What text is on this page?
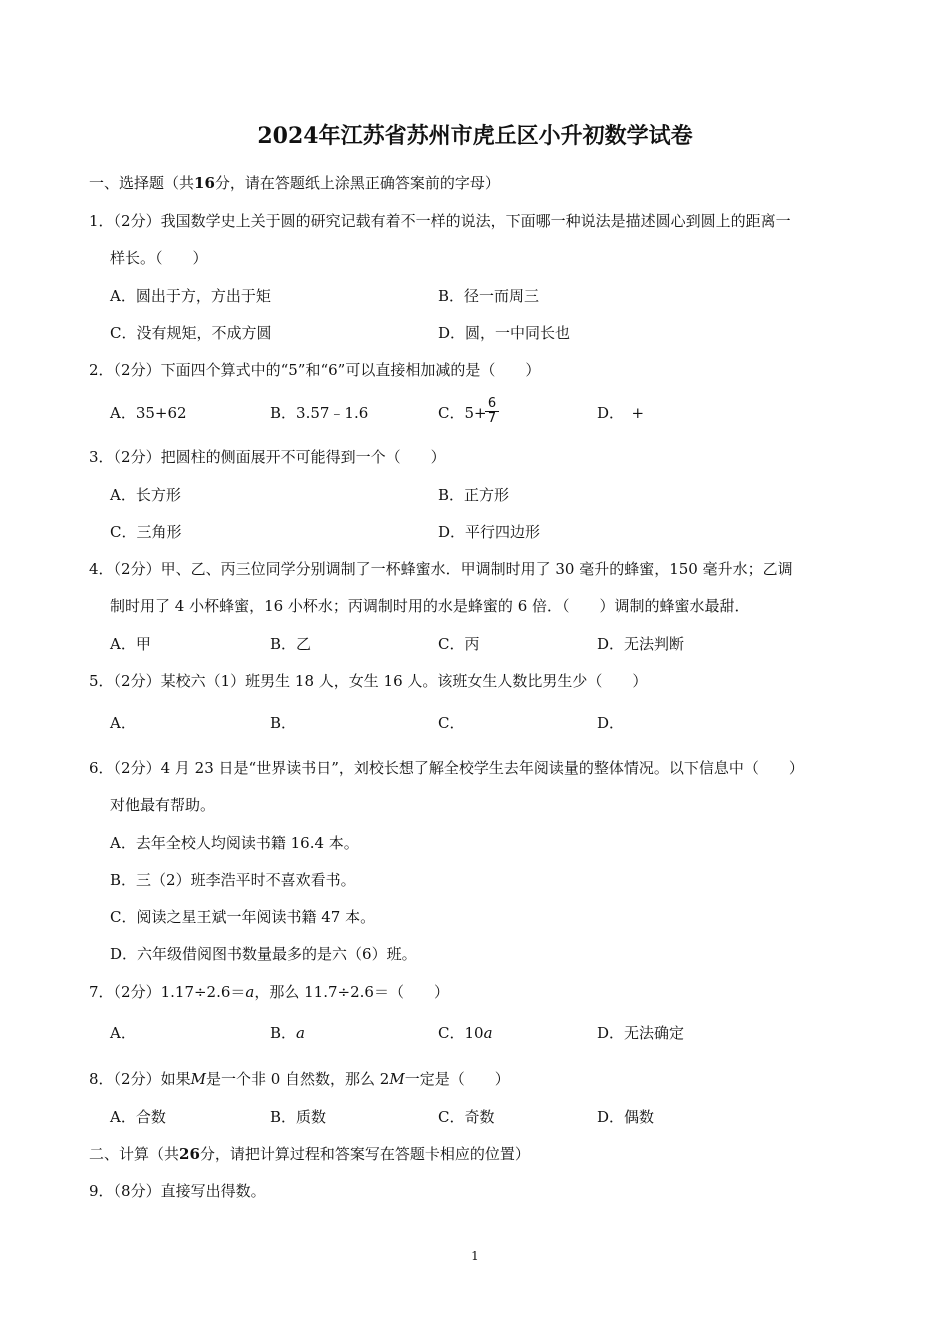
2024年江苏省苏州市虎丘区小升初数学试卷
一、选择题（共16分，请在答题纸上涂黑正确答案前的字母）
1．（2分）我国数学史上关于圆的研究记载有着不一样的说法，下面哪一种说法是描述圆心到圆上的距离一
样长。（　　）
A．圆出于方，方出于矩	B．径一而周三
C．没有规矩，不成方圆	D．圆，一中同长也
2．（2分）下面四个算式中的“5”和“6”可以直接相加减的是（　　）
A．35+62	B．3.57﹣1.6	C．5+
$\frac{6}{7}$	D．　+
3．（2分）把圆柱的侧面展开不可能得到一个（　　）
A．长方形	B．正方形
C．三角形	D．平行四边形
4．（2分）甲、乙、丙三位同学分别调制了一杯蜂蜜水．甲调制时用了 30 毫升的蜂蜜，150 毫升水；乙调
制时用了 4 小杯蜂蜜，16 小杯水；丙调制时用的水是蜂蜜的 6 倍．（　　）调制的蜂蜜水最甜．
A．甲	B．乙	C．丙	D．无法判断
5．（2分）某校六（1）班男生 18 人，女生 16 人。该班女生人数比男生少（　　）
A．	B．	C．	D．
6．（2分）4 月 23 日是“世界读书日”，刘校长想了解全校学生去年阅读量的整体情况。以下信息中（　　）
对他最有帮助。
A．去年全校人均阅读书籍 16.4 本。
B．三（2）班李浩平时不喜欢看书。
C．阅读之星王斌一年阅读书籍 47 本。
D．六年级借阅图书数量最多的是六（6）班。
7．（2分）1.17÷2.6＝a，那么 11.7÷2.6＝（　　）
A．	B．a	C．10a	D．无法确定
8．（2分）如果M是一个非 0 自然数，那么 2M一定是（　　）
A．合数	B．质数	C．奇数	D．偶数
二、计算（共26分，请把计算过程和答案写在答题卡相应的位置）
9．（8分）直接写出得数。
1
